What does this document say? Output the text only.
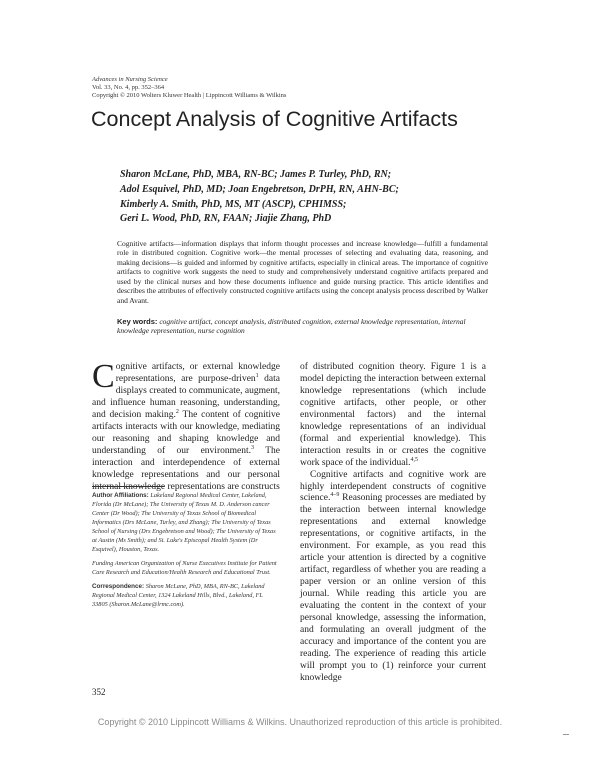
Advances in Nursing Science
Vol. 33, No. 4, pp. 352–364
Copyright © 2010 Wolters Kluwer Health | Lippincott Williams & Wilkins
Concept Analysis of Cognitive Artifacts
Sharon McLane, PhD, MBA, RN-BC; James P. Turley, PhD, RN;
Adol Esquivel, PhD, MD; Joan Engebretson, DrPH, RN, AHN-BC;
Kimberly A. Smith, PhD, MS, MT (ASCP), CPHIMSS;
Geri L. Wood, PhD, RN, FAAN; Jiajie Zhang, PhD
Cognitive artifacts—information displays that inform thought processes and increase knowledge—fulfill a fundamental role in distributed cognition. Cognitive work—the mental processes of selecting and evaluating data, reasoning, and making decisions—is guided and informed by cognitive artifacts, especially in clinical areas. The importance of cognitive artifacts to cognitive work suggests the need to study and comprehensively understand cognitive artifacts prepared and used by the clinical nurses and how these documents influence and guide nursing practice. This article identifies and describes the attributes of effectively constructed cognitive artifacts using the concept analysis process described by Walker and Avant.
Key words: cognitive artifact, concept analysis, distributed cognition, external knowledge representation, internal knowledge representation, nurse cognition
Cognitive artifacts, or external knowledge representations, are purpose-driven$^1$ data displays created to communicate, augment, and influence human reasoning, understanding, and decision making.$^2$ The content of cognitive artifacts interacts with our knowledge, mediating our reasoning and shaping knowledge and understanding of our environment.$^3$ The interaction and interdependence of external knowledge representations and our personal internal knowledge representations are constructs

Author Affiliations: Lakeland Regional Medical Center, Lakeland, Florida (Dr McLane); The University of Texas M. D. Anderson cancer Center (Dr Wood); The University of Texas School of Biomedical Informatics (Drs McLane, Turley, and Zhang); The University of Texas School of Nursing (Drs Engebretson and Wood); The University of Texas at Austin (Ms Smith); and St. Luke's Episcopal Health System (Dr Esquivel), Houston, Texas.

Funding American Organization of Nurse Executives Institute for Patient Care Research and Education/Health Research and Educational Trust.

Correspondence: Sharon McLane, PhD, MBA, RN-BC, Lakeland Regional Medical Center, 1324 Lakeland Hills, Blvd., Lakeland, FL 33805 (Sharon.McLane@lrmc.com).

of distributed cognition theory. Figure 1 is a model depicting the interaction between external knowledge representations (which include cognitive artifacts, other people, or other environmental factors) and the internal knowledge representations of an individual (formal and experiential knowledge). This interaction results in or creates the cognitive work space of the individual.$^{4,5}$

Cognitive artifacts and cognitive work are highly interdependent constructs of cognitive science.$^{4-9}$ Reasoning processes are mediated by the interaction between internal knowledge representations and external knowledge representations, or cognitive artifacts, in the environment. For example, as you read this article your attention is directed by a cognitive artifact, regardless of whether you are reading a paper version or an online version of this journal. While reading this article you are evaluating the content in the context of your personal knowledge, assessing the information, and formulating an overall judgment of the accuracy and importance of the content you are reading. The experience of reading this article will prompt you to (1) reinforce your current knowledge

352
Copyright © 2010 Lippincott Williams & Wilkins. Unauthorized reproduction of this article is prohibited.
